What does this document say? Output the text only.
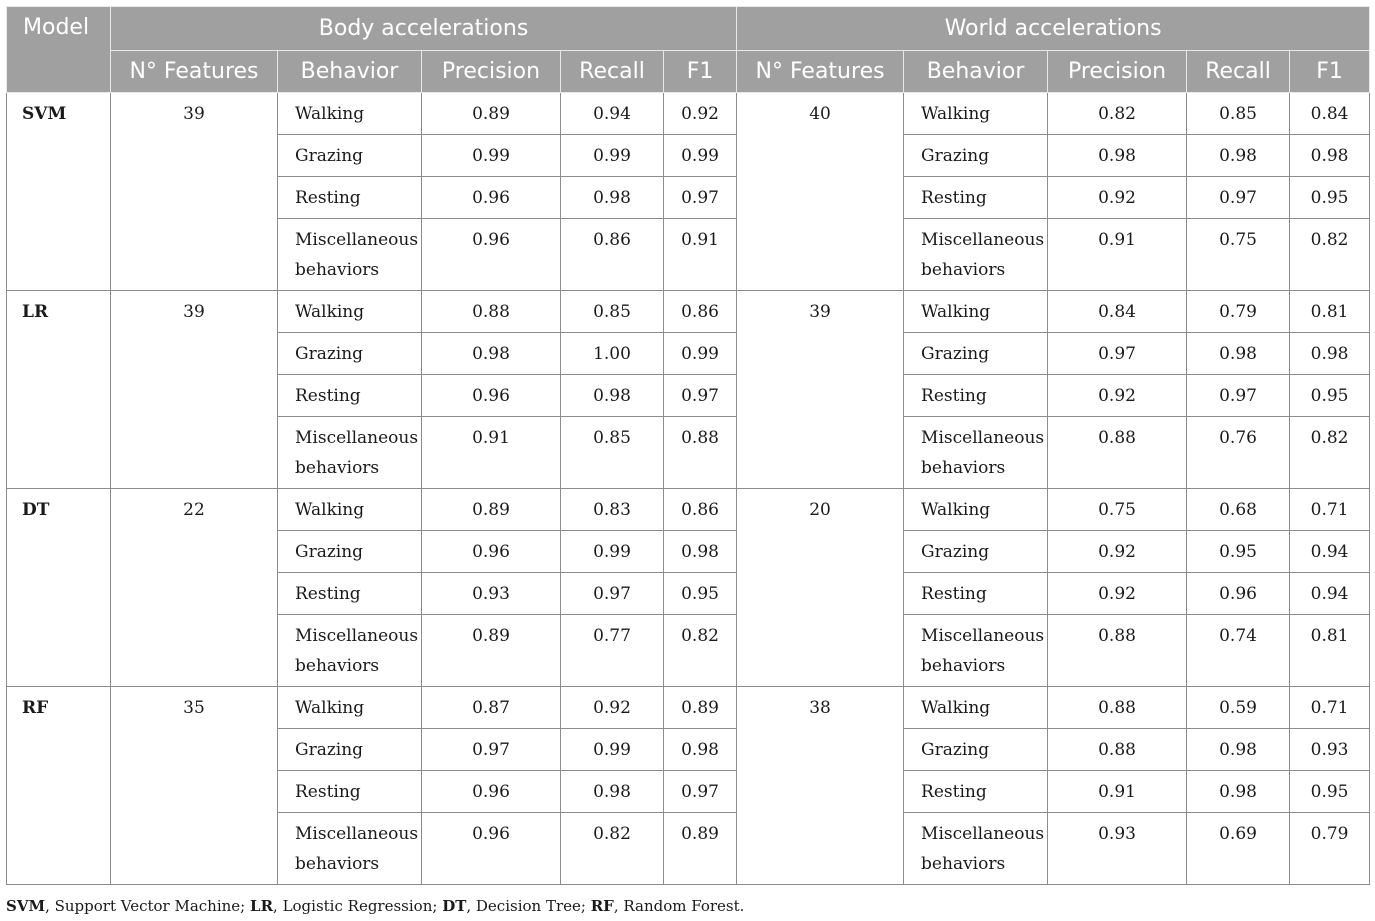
Model	Body accelerations					World accelerations				
	N° Features	Behavior	Precision	Recall	F1	N° Features	Behavior	Precision	Recall	F1

SVM	39	Walking	0.89	0.94	0.92	40	Walking	0.82	0.85	0.84

		Grazing	0.99	0.99	0.99		Grazing	0.98	0.98	0.98

		Resting	0.96	0.98	0.97		Resting	0.92	0.97	0.95

		Miscellaneous behaviors	0.96	0.86	0.91		Miscellaneous behaviors	0.91	0.75	0.82

LR	39	Walking	0.88	0.85	0.86	39	Walking	0.84	0.79	0.81

		Grazing	0.98	1.00	0.99		Grazing	0.97	0.98	0.98

		Resting	0.96	0.98	0.97		Resting	0.92	0.97	0.95

		Miscellaneous behaviors	0.91	0.85	0.88		Miscellaneous behaviors	0.88	0.76	0.82

DT	22	Walking	0.89	0.83	0.86	20	Walking	0.75	0.68	0.71

		Grazing	0.96	0.99	0.98		Grazing	0.92	0.95	0.94

		Resting	0.93	0.97	0.95		Resting	0.92	0.96	0.94

		Miscellaneous behaviors	0.89	0.77	0.82		Miscellaneous behaviors	0.88	0.74	0.81

RF	35	Walking	0.87	0.92	0.89	38	Walking	0.88	0.59	0.71

		Grazing	0.97	0.99	0.98		Grazing	0.88	0.98	0.93

		Resting	0.96	0.98	0.97		Resting	0.91	0.98	0.95

		Miscellaneous behaviors	0.96	0.82	0.89		Miscellaneous behaviors	0.93	0.69	0.79
SVM, Support Vector Machine; LR, Logistic Regression; DT, Decision Tree; RF, Random Forest.
